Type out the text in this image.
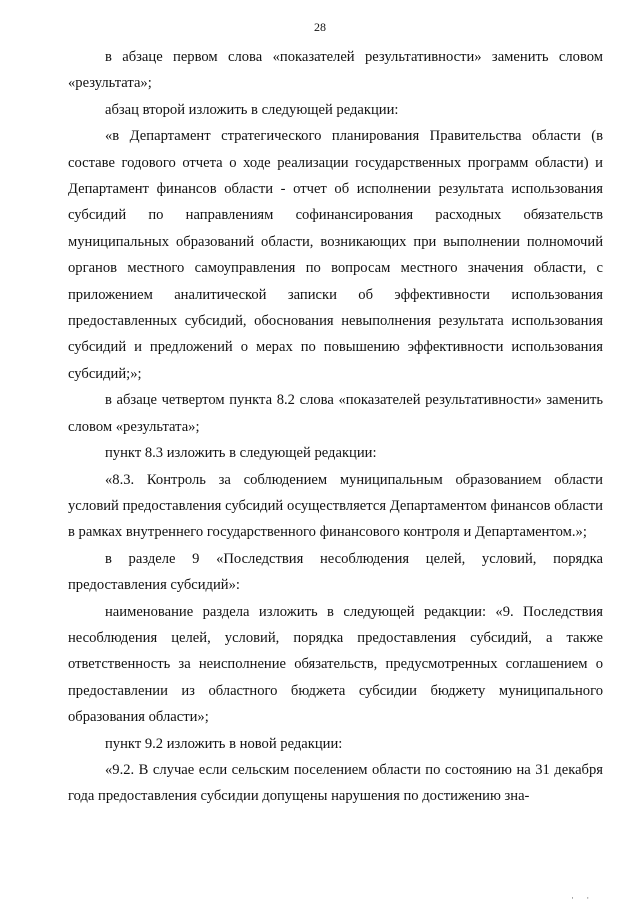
28

в абзаце первом слова «показателей результативности» заменить словом «результата»;

абзац второй изложить в следующей редакции:

«в Департамент стратегического планирования Правительства области (в составе годового отчета о ходе реализации государственных программ области) и Департамент финансов области - отчет об исполнении результата использования субсидий по направлениям софинансирования расходных обязательств муниципальных образований области, возникающих при выполнении полномочий органов местного самоуправления по вопросам местного значения области, с приложением аналитической записки об эффективности использования предоставленных субсидий, обоснования невыполнения результата использования субсидий и предложений о мерах по повышению эффективности использования субсидий;»;

в абзаце четвертом пункта 8.2 слова «показателей результативности» заменить словом «результата»;

пункт 8.3 изложить в следующей редакции:

«8.3. Контроль за соблюдением муниципальным образованием области условий предоставления субсидий осуществляется Департаментом финансов области в рамках внутреннего государственного финансового контроля и Департаментом.»;

в разделе 9 «Последствия несоблюдения целей, условий, порядка предоставления субсидий»:

наименование раздела изложить в следующей редакции: «9. Последствия несоблюдения целей, условий, порядка предоставления субсидий, а также ответственность за неисполнение обязательств, предусмотренных соглашением о предоставлении из областного бюджета субсидии бюджету муниципального образования области»;

пункт 9.2 изложить в новой редакции:

«9.2. В случае если сельским поселением области по состоянию на 31 декабря года предоставления субсидии допущены нарушения по достижению зна-

· ·
